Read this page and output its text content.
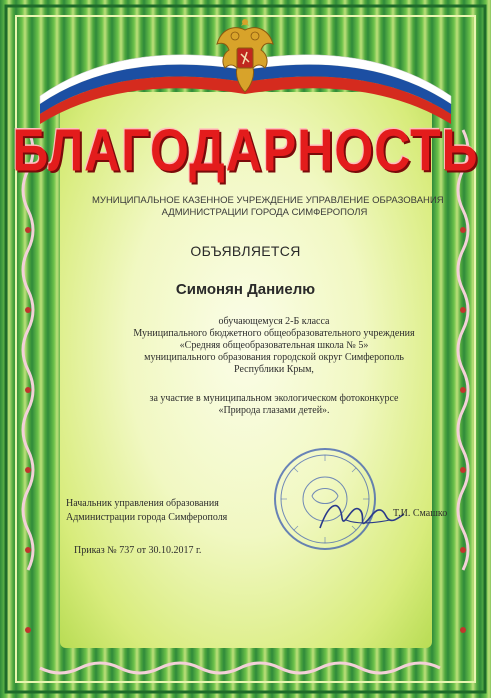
БЛАГОДАРНОСТЬ
МУНИЦИПАЛЬНОЕ КАЗЕННОЕ УЧРЕЖДЕНИЕ УПРАВЛЕНИЕ ОБРАЗОВАНИЯ
АДМИНИСТРАЦИИ ГОРОДА СИМФЕРОПОЛЯ
ОБЪЯВЛЯЕТСЯ
Симонян Даниелю
обучающемуся 2-Б класса
Муниципального бюджетного общеобразовательного учреждения
«Средняя общеобразовательная школа № 5»
муниципального образования городской округ Симферополь
Республики Крым,
за участие в муниципальном экологическом фотоконкурсе
«Природа глазами детей».
Начальник управления образования
Администрации города Симферополя	Т.И. Смашко
Приказ № 737 от 30.10.2017 г.
